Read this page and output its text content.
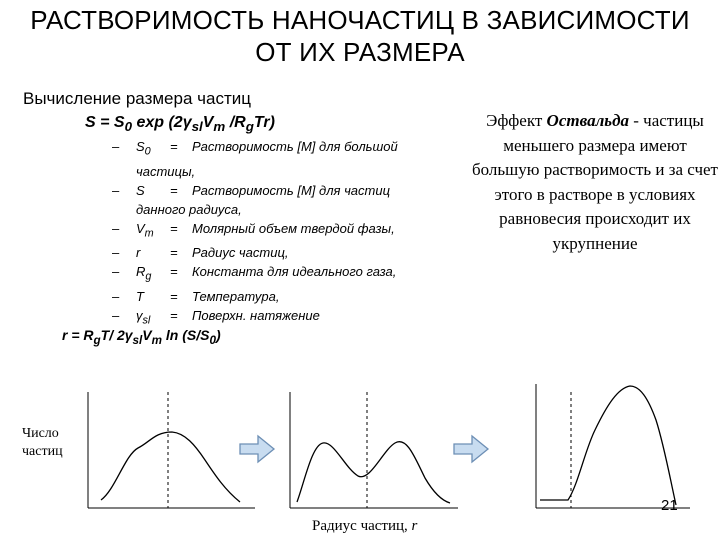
РАСТВОРИМОСТЬ НАНОЧАСТИЦ В ЗАВИСИМОСТИ
ОТ ИХ РАЗМЕРА
Вычисление размера частиц
$S = S_0$ $\exp (2\gamma_{sl}V_m$ $/R_gTr$)
–	$S_0$	=	Растворимость [M] для большой
частицы,
–	S	=	Растворимость [M] для частиц
данного радиуса,
–	$V_m$	=	Молярный объем твердой фазы,
–	r	=	Радиус частиц,
–	$R_g$	=	Константа для идеального газа,
–	T	=	Температура,
–	$\gamma_{sl}$	=	Поверхн. натяжение
$r = R_gT/$ $2\gamma_{sl}V_m$ $\ln (S/S_0)$
Эффект Оствальда - частицы меньшего размера имеют большую растворимость и за счет этого в растворе в условиях равновесия происходит их укрупнение
Число
частиц
Радиус частиц, r
21
